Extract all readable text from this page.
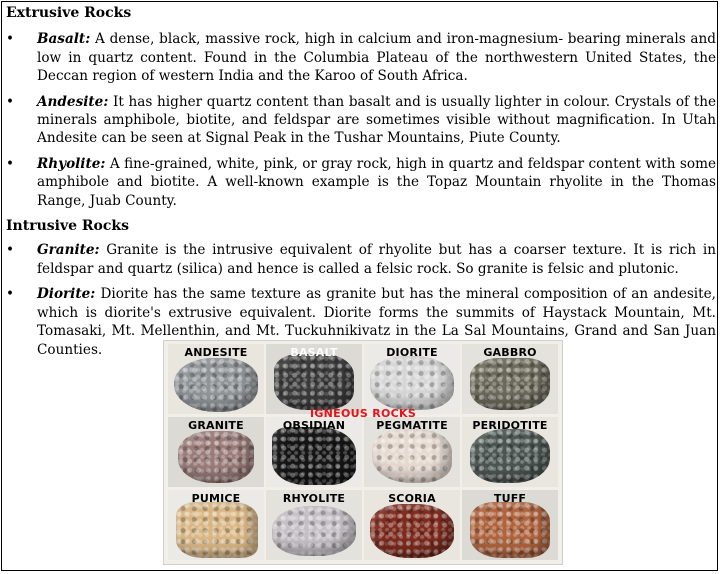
Extrusive Rocks
• Basalt: A dense, black, massive rock, high in calcium and iron-magnesium- bearing minerals and low in quartz content. Found in the Columbia Plateau of the northwestern United States, the Deccan region of western India and the Karoo of South Africa.
• Andesite: It has higher quartz content than basalt and is usually lighter in colour. Crystals of the minerals amphibole, biotite, and feldspar are sometimes visible without magnification. In Utah Andesite can be seen at Signal Peak in the Tushar Mountains, Piute County.
• Rhyolite: A fine-grained, white, pink, or gray rock, high in quartz and feldspar content with some amphibole and biotite. A well-known example is the Topaz Mountain rhyolite in the Thomas Range, Juab County.
Intrusive Rocks
• Granite: Granite is the intrusive equivalent of rhyolite but has a coarser texture. It is rich in feldspar and quartz (silica) and hence is called a felsic rock. So granite is felsic and plutonic.
• Diorite: Diorite has the same texture as granite but has the mineral composition of an andesite, which is diorite's extrusive equivalent. Diorite forms the summits of Haystack Mountain, Mt. Tomasaki, Mt. Mellenthin, and Mt. Tuckuhnikivatz in the La Sal Mountains, Grand and San Juan Counties.	ANDESITE	BASALT	DIORITE	GABBRO
GRANITE	OBSIDIAN	PEGMATITE	PERIDOTITE
PUMICE	RHYOLITE	SCORIA	TUFF
IGNEOUS ROCKS
